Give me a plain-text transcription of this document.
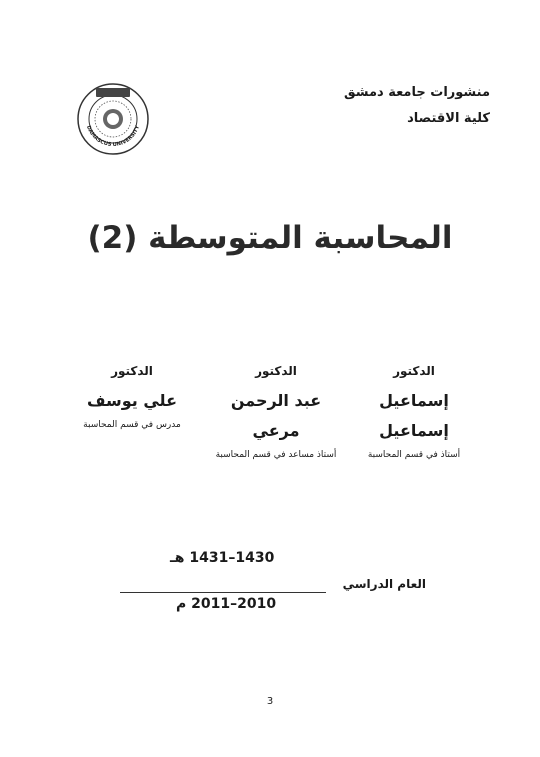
منشورات جامعة دمشق
كلية الاقتصاد
DAMASCUS UNIVERSITY
المحاسبة المتوسطة (2)
الدكتور
إسماعيل إسماعيل
أستاذ في قسم المحاسبة
الدكتور
عبد الرحمن مرعي
أستاذ مساعد في قسم المحاسبة
الدكتور
علي يوسف
مدرس في قسم المحاسبة
1430–1431 هـ
العام الدراسي
2010–2011 م
3
